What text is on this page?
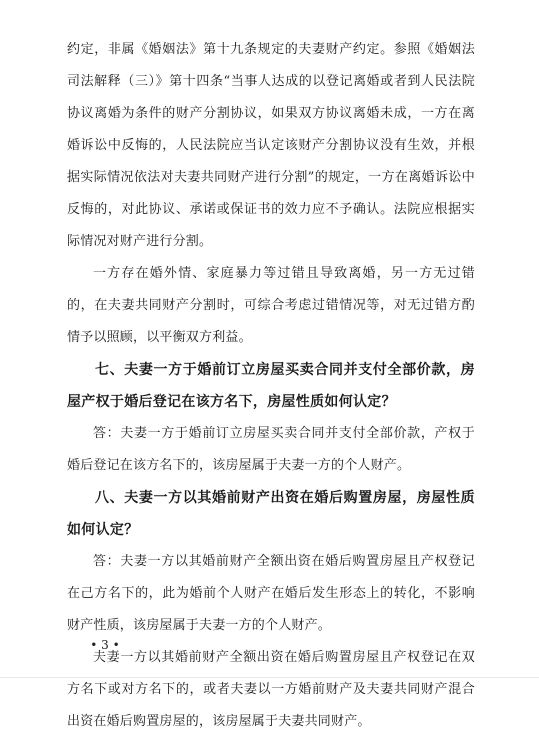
约定，非属《婚姻法》第十九条规定的夫妻财产约定。参照《婚姻法司法解释（三）》第十四条“当事人达成的以登记离婚或者到人民法院协议离婚为条件的财产分割协议，如果双方协议离婚未成，一方在离婚诉讼中反悔的，人民法院应当认定该财产分割协议没有生效，并根据实际情况依法对夫妻共同财产进行分割”的规定，一方在离婚诉讼中反悔的，对此协议、承诺或保证书的效力应不予确认。法院应根据实际情况对财产进行分割。

一方存在婚外情、家庭暴力等过错且导致离婚，另一方无过错的，在夫妻共同财产分割时，可综合考虑过错情况等，对无过错方酌情予以照顾，以平衡双方利益。

七、夫妻一方于婚前订立房屋买卖合同并支付全部价款，房屋产权于婚后登记在该方名下，房屋性质如何认定？

答：夫妻一方于婚前订立房屋买卖合同并支付全部价款，产权于婚后登记在该方名下的，该房屋属于夫妻一方的个人财产。

八、夫妻一方以其婚前财产出资在婚后购置房屋，房屋性质如何认定？

答：夫妻一方以其婚前财产全额出资在婚后购置房屋且产权登记在己方名下的，此为婚前个人财产在婚后发生形态上的转化，不影响财产性质，该房屋属于夫妻一方的个人财产。

夫妻一方以其婚前财产全额出资在婚后购置房屋且产权登记在双方名下或对方名下的，或者夫妻以一方婚前财产及夫妻共同财产混合出资在婚后购置房屋的，该房屋属于夫妻共同财产。

• 3 •
